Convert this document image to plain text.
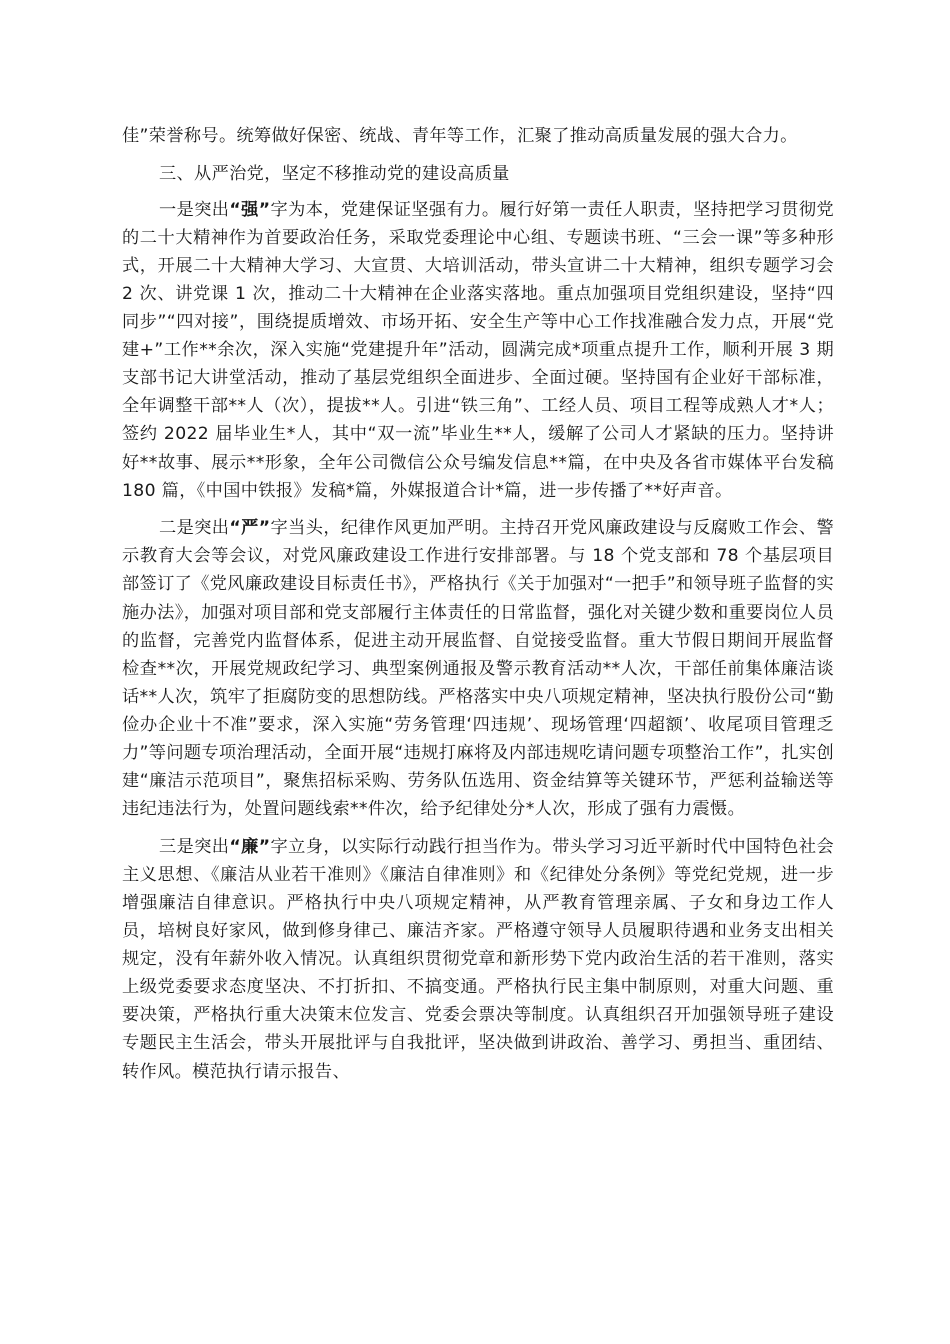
佳”荣誉称号。统筹做好保密、统战、青年等工作，汇聚了推动高质量发展的强大合力。

三、从严治党，坚定不移推动党的建设高质量

一是突出“强”字为本，党建保证坚强有力。履行好第一责任人职责，坚持把学习贯彻党的二十大精神作为首要政治任务，采取党委理论中心组、专题读书班、“三会一课”等多种形式，开展二十大精神大学习、大宣贯、大培训活动，带头宣讲二十大精神，组织专题学习会 2 次、讲党课 1 次，推动二十大精神在企业落实落地。重点加强项目党组织建设，坚持“四同步”“四对接”，围绕提质增效、市场开拓、安全生产等中心工作找准融合发力点，开展“党建+”工作**余次，深入实施“党建提升年”活动，圆满完成*项重点提升工作，顺利开展 3 期支部书记大讲堂活动，推动了基层党组织全面进步、全面过硬。坚持国有企业好干部标准，全年调整干部**人（次），提拔**人。引进“铁三角”、工经人员、项目工程等成熟人才*人；签约 2022 届毕业生*人，其中“双一流”毕业生**人，缓解了公司人才紧缺的压力。坚持讲好**故事、展示**形象，全年公司微信公众号编发信息**篇，在中央及各省市媒体平台发稿 180 篇，《中国中铁报》发稿*篇，外媒报道合计*篇，进一步传播了**好声音。

二是突出“严”字当头，纪律作风更加严明。主持召开党风廉政建设与反腐败工作会、警示教育大会等会议，对党风廉政建设工作进行安排部署。与 18 个党支部和 78 个基层项目部签订了《党风廉政建设目标责任书》，严格执行《关于加强对“一把手”和领导班子监督的实施办法》，加强对项目部和党支部履行主体责任的日常监督，强化对关键少数和重要岗位人员的监督，完善党内监督体系，促进主动开展监督、自觉接受监督。重大节假日期间开展监督检查**次，开展党规政纪学习、典型案例通报及警示教育活动**人次，干部任前集体廉洁谈话**人次，筑牢了拒腐防变的思想防线。严格落实中央八项规定精神，坚决执行股份公司“勤俭办企业十不准”要求，深入实施“劳务管理‘四违规’、现场管理‘四超额’、收尾项目管理乏力”等问题专项治理活动，全面开展“违规打麻将及内部违规吃请问题专项整治工作”，扎实创建“廉洁示范项目”，聚焦招标采购、劳务队伍选用、资金结算等关键环节，严惩利益输送等违纪违法行为，处置问题线索**件次，给予纪律处分*人次，形成了强有力震慑。

三是突出“廉”字立身，以实际行动践行担当作为。带头学习习近平新时代中国特色社会主义思想、《廉洁从业若干准则》《廉洁自律准则》和《纪律处分条例》等党纪党规，进一步增强廉洁自律意识。严格执行中央八项规定精神，从严教育管理亲属、子女和身边工作人员，培树良好家风，做到修身律己、廉洁齐家。严格遵守领导人员履职待遇和业务支出相关规定，没有年薪外收入情况。认真组织贯彻党章和新形势下党内政治生活的若干准则，落实上级党委要求态度坚决、不打折扣、不搞变通。严格执行民主集中制原则，对重大问题、重要决策，严格执行重大决策末位发言、党委会票决等制度。认真组织召开加强领导班子建设专题民主生活会，带头开展批评与自我批评，坚决做到讲政治、善学习、勇担当、重团结、转作风。模范执行请示报告、
